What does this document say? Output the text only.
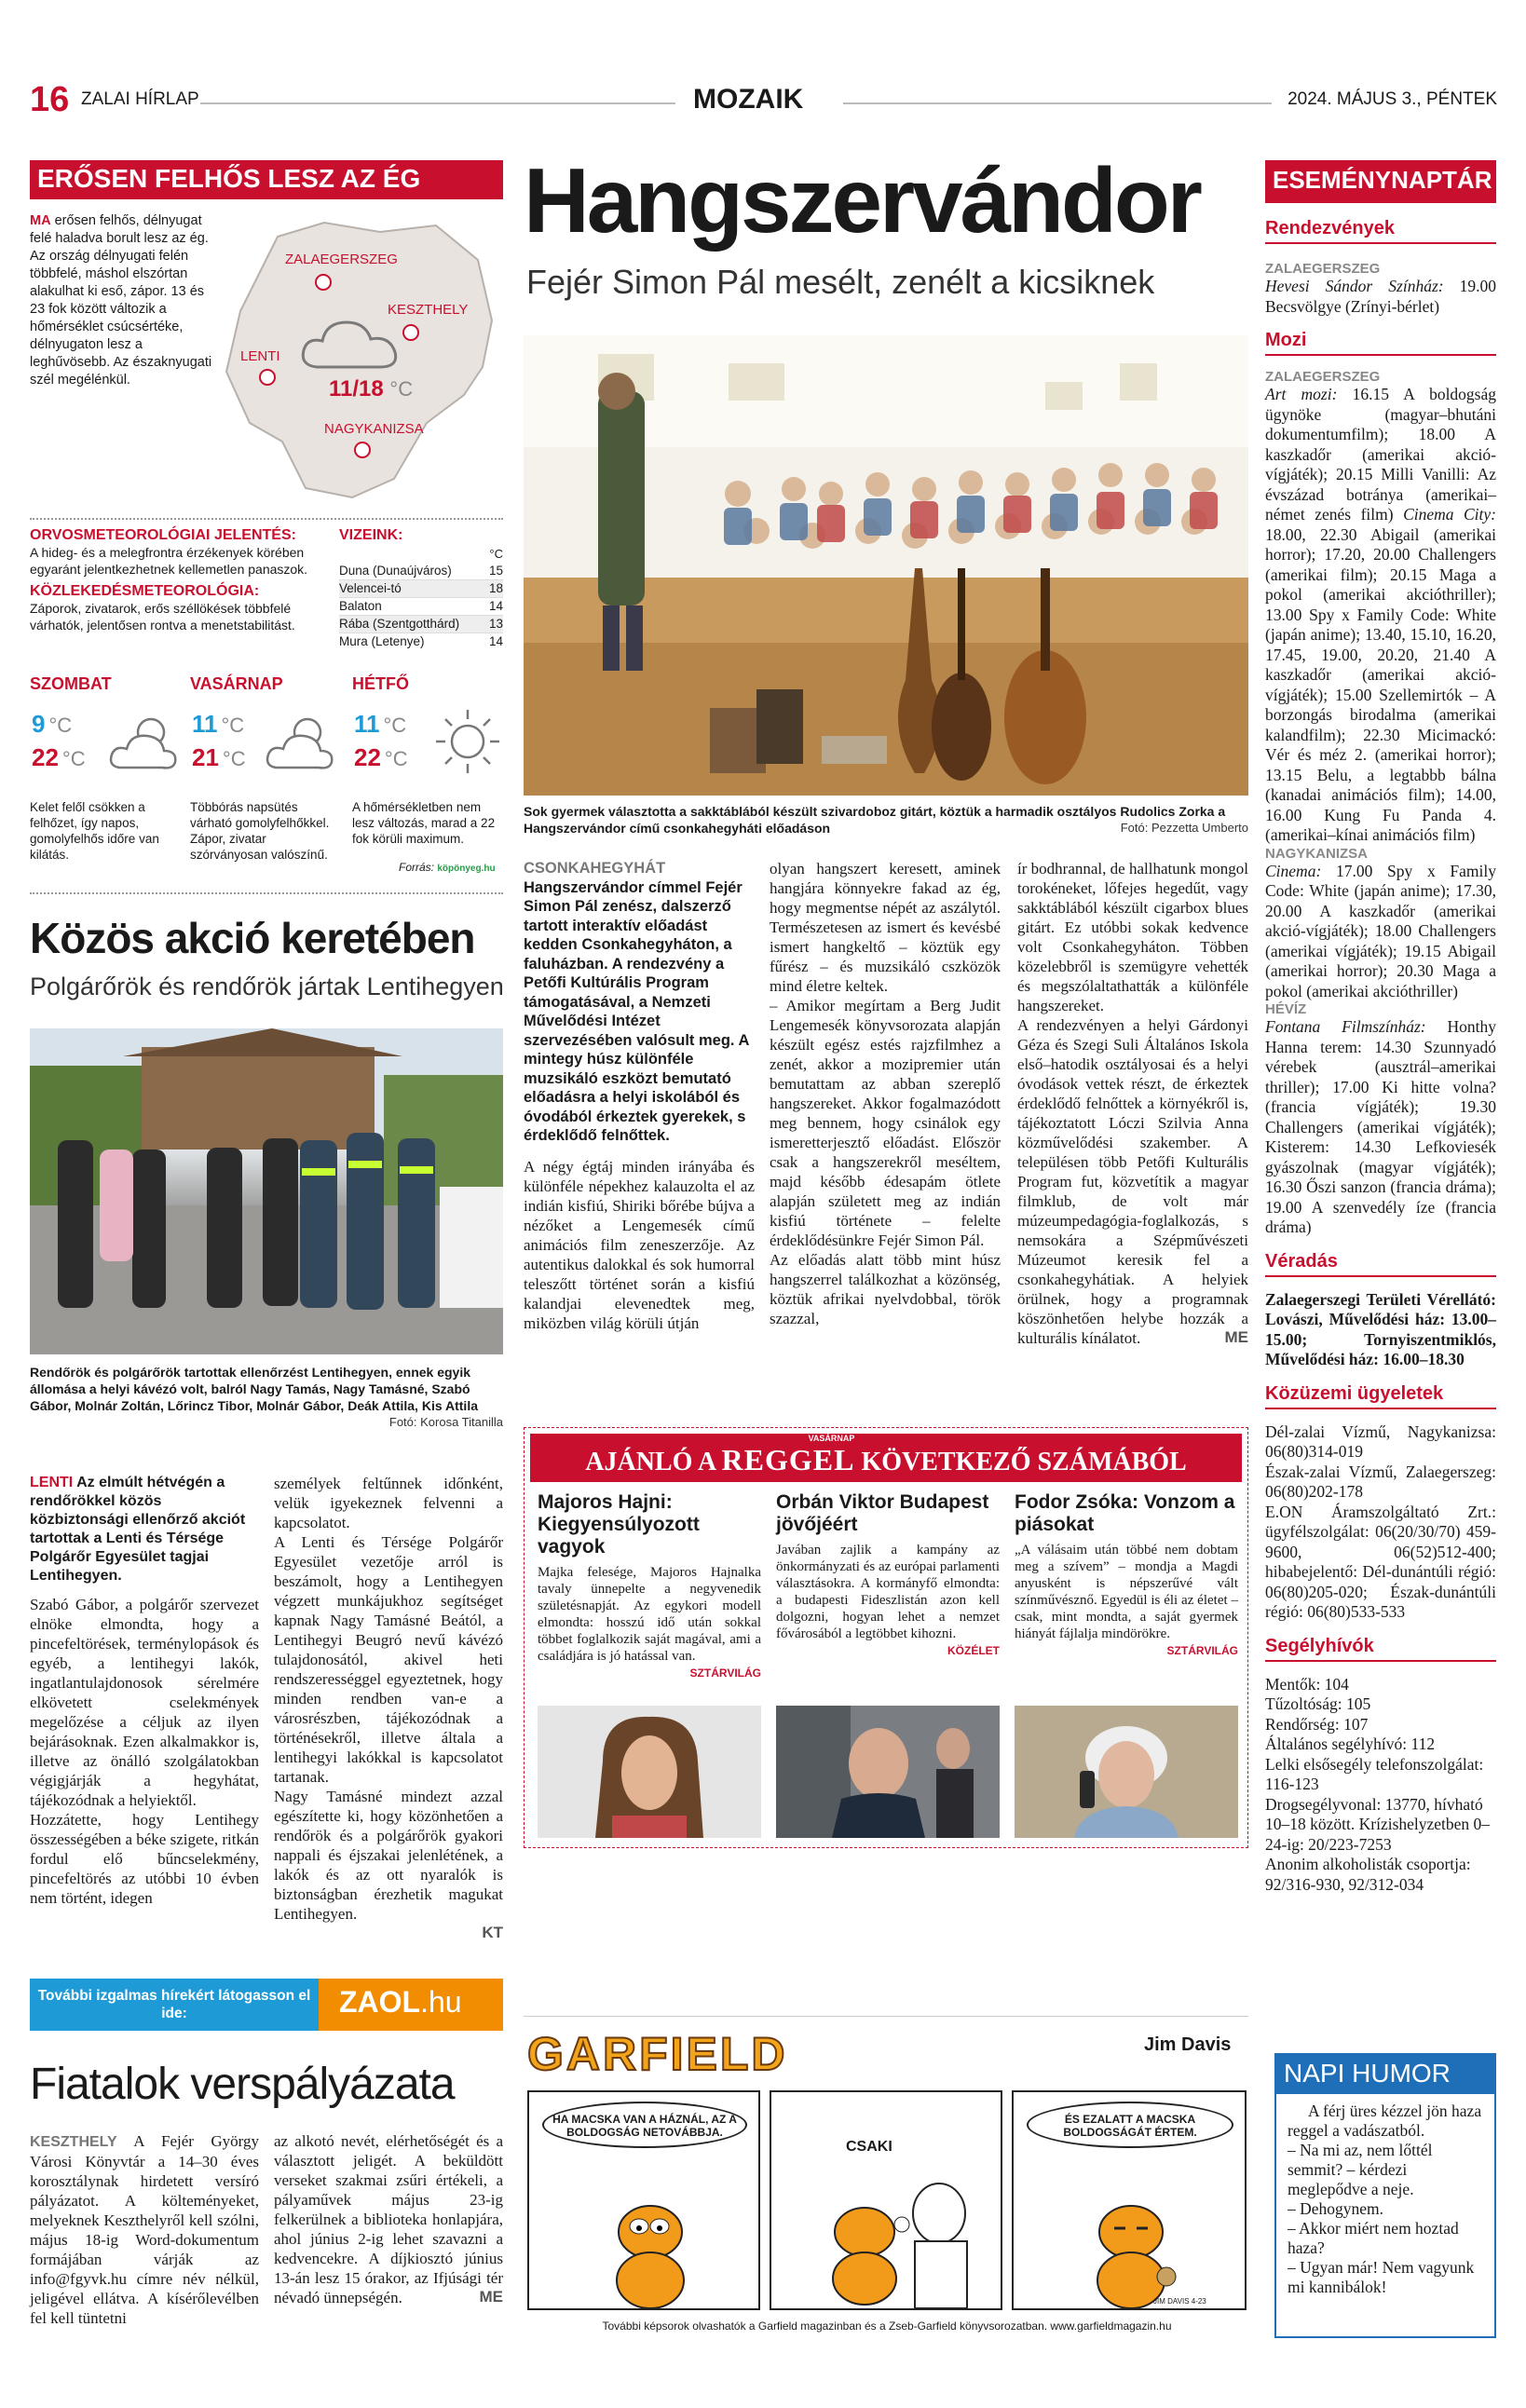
16 ZALAI HÍRLAP	MOZAIK	2024. MÁJUS 3., PÉNTEK
ERŐSEN FELHŐS LESZ AZ ÉG
MA erősen felhős, délnyugat felé haladva borult lesz az ég. Az ország délnyugati felén többfelé, máshol elszórtan alakulhat ki eső, zápor. 13 és 23 fok között változik a hőmérséklet csúcsértéke, délnyugaton lesz a leghűvösebb. Az északnyugati szél megélénkül.
ZALAEGERSZEG
KESZTHELY
LENTI
11/18 °C
NAGYKANIZSA
ORVOSMETEOROLÓGIAI JELENTÉS:
A hideg- és a melegfrontra érzékenyek körében egyaránt jelentkezhetnek kellemetlen panaszok.
KÖZLEKEDÉSMETEOROLÓGIA:
Záporok, zivatarok, erős széllökések többfelé várhatók, jelentősen rontva a menetstabilitást.
VIZEINK:
°C
Duna (Dunaújváros)	15
Velencei-tó	18
Balaton	14
Rába (Szentgotthárd) 13
Mura (Letenye)	14
SZOMBAT
9 °C
22 °C
Kelet felől csökken a felhőzet, így napos, gomolyfelhős időre van kilátás.
VASÁRNAP
11 °C
21 °C
Többórás napsütés várható gomolyfelhőkkel. Zápor, zivatar szórványosan valószínű.
HÉTFŐ
11 °C
22 °C
A hőmérsékletben nem lesz változás, marad a 22 fok körüli maximum.
Forrás: köpönyeg.hu
Közös akció keretében
Polgárőrök és rendőrök jártak Lentihegyen
Rendőrök és polgárőrök tartottak ellenőrzést Lentihegyen, ennek egyik állomása a helyi kávézó volt, balról Nagy Tamás, Nagy Tamásné, Szabó Gábor, Molnár Zoltán, Lőrincz Tibor, Molnár Gábor, Deák Attila, Kis Attila
Fotó: Korosa Titanilla
LENTI Az elmúlt hétvégén a rendőrökkel közös közbiztonsági ellenőrző akciót tartottak a Lenti és Térsége Polgárőr Egyesület tagjai Lentihegyen.
Szabó Gábor, a polgárőr szervezet elnöke elmondta, hogy a pincefeltörések, terménylopások és egyéb, a lentihegyi lakók, ingatlantulajdonosok sérelmére elkövetett cselekmények megelőzése a céljuk az ilyen bejárásoknak. Ezen alkalmakkor is, illetve az önálló szolgálatokban végigjárják a hegyhátat, tájékozódnak a helyiektől.
Hozzátette, hogy Lentihegy összességében a béke szigete, ritkán fordul elő bűncselekmény, pincefeltörés az utóbbi 10 évben nem történt, idegen
személyek feltűnnek időnként, velük igyekeznek felvenni a kapcsolatot.
A Lenti és Térsége Polgárőr Egyesület vezetője arról is beszámolt, hogy a Lentihegyen végzett munkájukhoz segítséget kapnak Nagy Tamásné Beától, a Lentihegyi Beugró nevű kávézó tulajdonosától, akivel heti rendszerességgel egyeztetnek, hogy minden rendben van-e a városrészben, tájékozódnak a történésekről, illetve általa a lentihegyi lakókkal is kapcsolatot tartanak.
Nagy Tamásné mindezt azzal egészítette ki, hogy közönhetően a rendőrök és a polgárőrök gyakori nappali és éjszakai jelenlétének, a lakók és az ott nyaralók is biztonságban érezhetik magukat Lentihegyen.
KT
További izgalmas hírekért látogasson el ide:	ZAOL.hu
Fiatalok verspályázata
KESZTHELY A Fejér György Városi Könyvtár a 14–30 éves korosztálynak hirdetett versíró pályázatot. A költeményeket, melyeknek Keszthelyről kell szólni, május 18-ig Word-dokumentum formájában várják az info@fgyvk.hu címre név nélkül, jeligével ellátva. A kísérőlevélben fel kell tüntetni
az alkotó nevét, elérhetőségét és a választott jeligét. A beküldött verseket szakmai zsűri értékeli, a pályaművek május 23-ig felkerülnek a biblioteka honlapjára, ahol június 2-ig lehet szavazni a kedvencekre. A díjkiosztó június 13-án lesz 15 órakor, az Ifjúsági tér névadó ünnepségén.	ME
Hangszervándor
Fejér Simon Pál mesélt, zenélt a kicsiknek
Sok gyermek választotta a sakktáblából készült szivardoboz gitárt, köztük a harmadik osztályos Rudolics Zorka a Hangszervándor című csonkahegyháti előadáson	Fotó: Pezzetta Umberto
CSONKAHEGYHÁT Hangszervándor címmel Fejér Simon Pál zenész, dalszerző tartott interaktív előadást kedden Csonkahegyháton, a faluházban. A rendezvény a Petőfi Kultúrális Program támogatásával, a Nemzeti Művelődési Intézet szervezésében valósult meg. A mintegy húsz különféle muzsikáló eszközt bemutató előadásra a helyi iskolából és óvodából érkeztek gyerekek, s érdeklődő felnőttek.
A négy égtáj minden irányába és különféle népekhez kalauzolta el az indián kisfiú, Shiriki bőrébe bújva a nézőket a Lengemesék című animációs film zeneszerzője. Az autentikus dalokkal és sok humorral teleszőtt történet során a kisfiú kalandjai elevenedtek meg, miközben világ körüli útján
olyan hangszert keresett, aminek hangjára könnyekre fakad az ég, hogy megmentse népét az aszálytól. Természetesen az ismert és kevésbé ismert hangkeltő – köztük egy fűrész – és muzsikáló cszközök mind életre keltek.
– Amikor megírtam a Berg Judit Lengemesék könyvsorozata alapján készült egész estés rajzfilmhez a zenét, akkor a mozipremier után bemutattam az abban szereplő hangszereket. Akkor fogalmazódott meg bennem, hogy csinálok egy ismeretterjesztő előadást. Először csak a hangszerekről meséltem, majd később édesapám ötlete alapján született meg az indián kisfiú története – felelte érdeklődésünkre Fejér Simon Pál.
Az előadás alatt több mint húsz hangszerrel találkozhat a közönség, köztük afrikai nyelvdobbal, török szazzal,
ír bodhrannal, de hallhatunk mongol torokéneket, lőfejes hegedűt, vagy sakktáblából készült cigarbox blues gitárt. Ez utóbbi sokak kedvence volt Csonkahegyháton. Többen közelebbről is szemügyre vehették és megszólaltathatták a különféle hangszereket.
A rendezvényen a helyi Gárdonyi Géza és Szegi Suli Általános Iskola első–hatodik osztályosai és a helyi óvodások vettek részt, de érkeztek érdeklődő felnőttek a környékről is, tájékoztatott Lóczi Szilvia Anna közművelődési szakember. A településen több Petőfi Kulturális Program fut, közvetítik a magyar filmklub, de volt már múzeumpedagógia-foglalkozás, s nemsokára a Szépművészeti Múzeumot keresik fel a csonkahegyhátiak. A helyiek örülnek, hogy a programnak köszönhetően helybe hozzák a kulturális kínálatot.	ME
AJÁNLÓ A
VASÁRNAP
REGGEL KÖVETKEZŐ SZÁMÁBÓL
Majoros Hajni: Kiegyensúlyozott vagyok
Majka felesége, Majoros Hajnalka tavaly ünnepelte a negyvenedik születésnapját. Az egykori modell elmondta: hosszú idő után sokkal többet foglalkozik saját magával, ami a családjára is jó hatással van.
SZTÁRVILÁG
Orbán Viktor Budapest jövőjéért
Javában zajlik a kampány az önkormányzati és az európai parlamenti választásokra. A kormányfő elmondta: a budapesti Fideszlistán azon kell dolgozni, hogyan lehet a nemzet fővárosából a legtöbbet kihozni.
KÖZÉLET
Fodor Zsóka: Vonzom a piásokat
„A válásaim után többé nem dobtam meg a szívem” – mondja a Magdi anyusként is népszerűvé vált színművésznő. Egyedül is éli az életet – csak, mint mondta, a saját gyermek hiányát fájlalja mindörökre.
SZTÁRVILÁG
GARFIELD	Jim Davis
HA MACSKA VAN A HÁZNÁL, AZ A BOLDOGSÁG NETOVÁBBJA.
CSAKI
ÉS EZALATT A MACSKA BOLDOGSÁGÁT ÉRTEM.
JIM DAVIS 4-23
További képsorok olvashatók a Garfield magazinban és a Zseb-Garfield könyvsorozatban. www.garfieldmagazin.hu
ESEMÉNYNAPTÁR
Rendezvények
ZALAEGERSZEG
Hevesi Sándor Színház: 19.00 Becsvölgye (Zrínyi-bérlet)
Mozi
ZALAEGERSZEG
Art mozi: 16.15 A boldogság ügynöke (magyar–bhutáni dokumentumfilm); 18.00 A kaszkadőr (amerikai akció-vígjáték); 20.15 Milli Vanilli: Az évszázad botránya (amerikai–német zenés film) Cinema City: 18.00, 22.30 Abigail (amerikai horror); 17.20, 20.00 Challengers (amerikai film); 20.15 Maga a pokol (amerikai akcióthriller); 13.00 Spy x Family Code: White (japán anime); 13.40, 15.10, 16.20, 17.45, 19.00, 20.20, 21.40 A kaszkadőr (amerikai akció-vígjáték); 15.00 Szellemirtók – A borzongás birodalma (amerikai kalandfilm); 22.30 Micimackó: Vér és méz 2. (amerikai horror); 13.15 Belu, a legtabbb bálna (kanadai animációs film); 14.00, 16.00 Kung Fu Panda 4. (amerikai–kínai animációs film)
NAGYKANIZSA
Cinema: 17.00 Spy x Family Code: White (japán anime); 17.30, 20.00 A kaszkadőr (amerikai akció-vígjáték); 18.00 Challengers (amerikai vígjáték); 19.15 Abigail (amerikai horror); 20.30 Maga a pokol (amerikai akcióthriller)
HÉVÍZ
Fontana Filmszínház: Honthy Hanna terem: 14.30 Szunnyadó vérebek (ausztrál–amerikai thriller); 17.00 Ki hitte volna? (francia vígjáték); 19.30 Challengers (amerikai vígjáték); Kisterem: 14.30 Lefkoviesék gyászolnak (magyar vígjáték); 16.30 Őszi sanzon (francia dráma); 19.00 A szenvedély íze (francia dráma)
Véradás
Zalaegerszegi Területi Vérellátó: Lovászi, Művelődési ház: 13.00–15.00; Tornyiszentmiklós, Művelődési ház: 16.00–18.30
Közüzemi ügyeletek
Dél-zalai Vízmű, Nagykanizsa: 06(80)314-019
Észak-zalai Vízmű, Zalaegerszeg: 06(80)202-178
E.ON Áramszolgáltató Zrt.: ügyfélszolgálat: 06(20/30/70) 459-9600, 06(52)512-400; hibabejelentő: Dél-dunántúli régió: 06(80)205-020; Észak-dunántúli régió: 06(80)533-533
Segélyhívók
Mentők: 104
Tűzoltóság: 105
Rendőrség: 107
Általános segélyhívó: 112
Lelki elsősegély telefonszolgálat: 116-123
Drogsegélyvonal: 13770, hívható 10–18 között. Krízishelyzetben 0–24-ig: 20/223-7253
Anonim alkoholisták csoportja: 92/316-930, 92/312-034
NAPI HUMOR
A férj üres kézzel jön haza reggel a vadászatból.
– Na mi az, nem lőttél semmit? – kérdezi meglepődve a neje.
– Dehogynem.
– Akkor miért nem hoztad haza?
– Ugyan már! Nem vagyunk mi kannibálok!
